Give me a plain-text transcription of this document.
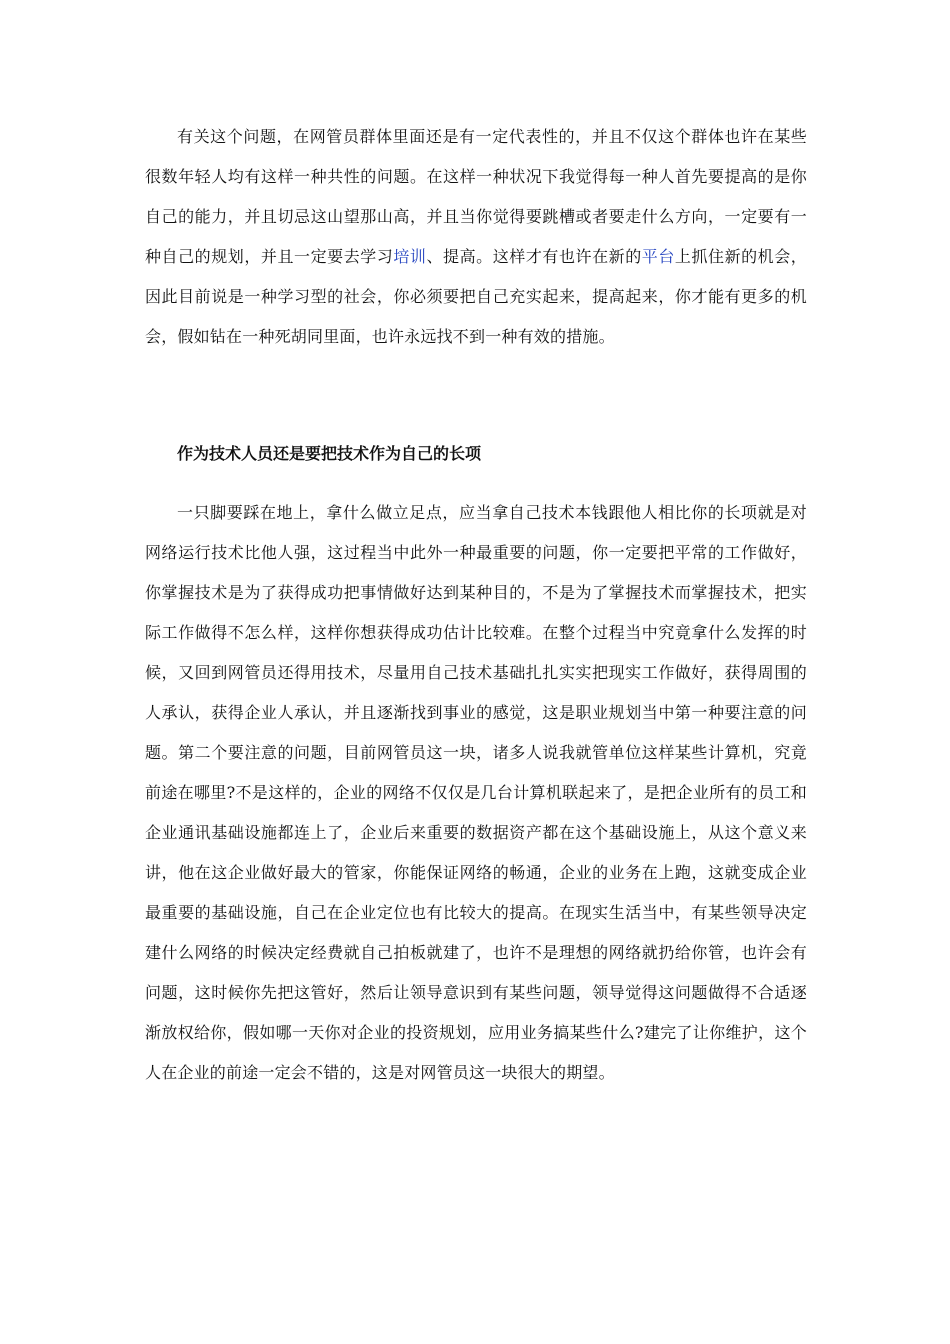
有关这个问题，在网管员群体里面还是有一定代表性的，并且不仅这个群体也许在某些很数年轻人均有这样一种共性的问题。在这样一种状况下我觉得每一种人首先要提高的是你自己的能力，并且切忌这山望那山高，并且当你觉得要跳槽或者要走什么方向，一定要有一种自己的规划，并且一定要去学习培训、提高。这样才有也许在新的平台上抓住新的机会，因此目前说是一种学习型的社会，你必须要把自己充实起来，提高起来，你才能有更多的机会，假如钻在一种死胡同里面，也许永远找不到一种有效的措施。

作为技术人员还是要把技术作为自己的长项

一只脚要踩在地上，拿什么做立足点，应当拿自己技术本钱跟他人相比你的长项就是对网络运行技术比他人强，这过程当中此外一种最重要的问题，你一定要把平常的工作做好，你掌握技术是为了获得成功把事情做好达到某种目的，不是为了掌握技术而掌握技术，把实际工作做得不怎么样，这样你想获得成功估计比较难。在整个过程当中究竟拿什么发挥的时候，又回到网管员还得用技术，尽量用自己技术基础扎扎实实把现实工作做好，获得周围的人承认，获得企业人承认，并且逐渐找到事业的感觉，这是职业规划当中第一种要注意的问题。第二个要注意的问题，目前网管员这一块，诸多人说我就管单位这样某些计算机，究竟前途在哪里?不是这样的，企业的网络不仅仅是几台计算机联起来了，是把企业所有的员工和企业通讯基础设施都连上了，企业后来重要的数据资产都在这个基础设施上，从这个意义来讲，他在这企业做好最大的管家，你能保证网络的畅通，企业的业务在上跑，这就变成企业最重要的基础设施，自己在企业定位也有比较大的提高。在现实生活当中，有某些领导决定建什么网络的时候决定经费就自己拍板就建了，也许不是理想的网络就扔给你管，也许会有问题，这时候你先把这管好，然后让领导意识到有某些问题，领导觉得这问题做得不合适逐渐放权给你，假如哪一天你对企业的投资规划，应用业务搞某些什么?建完了让你维护，这个人在企业的前途一定会不错的，这是对网管员这一块很大的期望。
